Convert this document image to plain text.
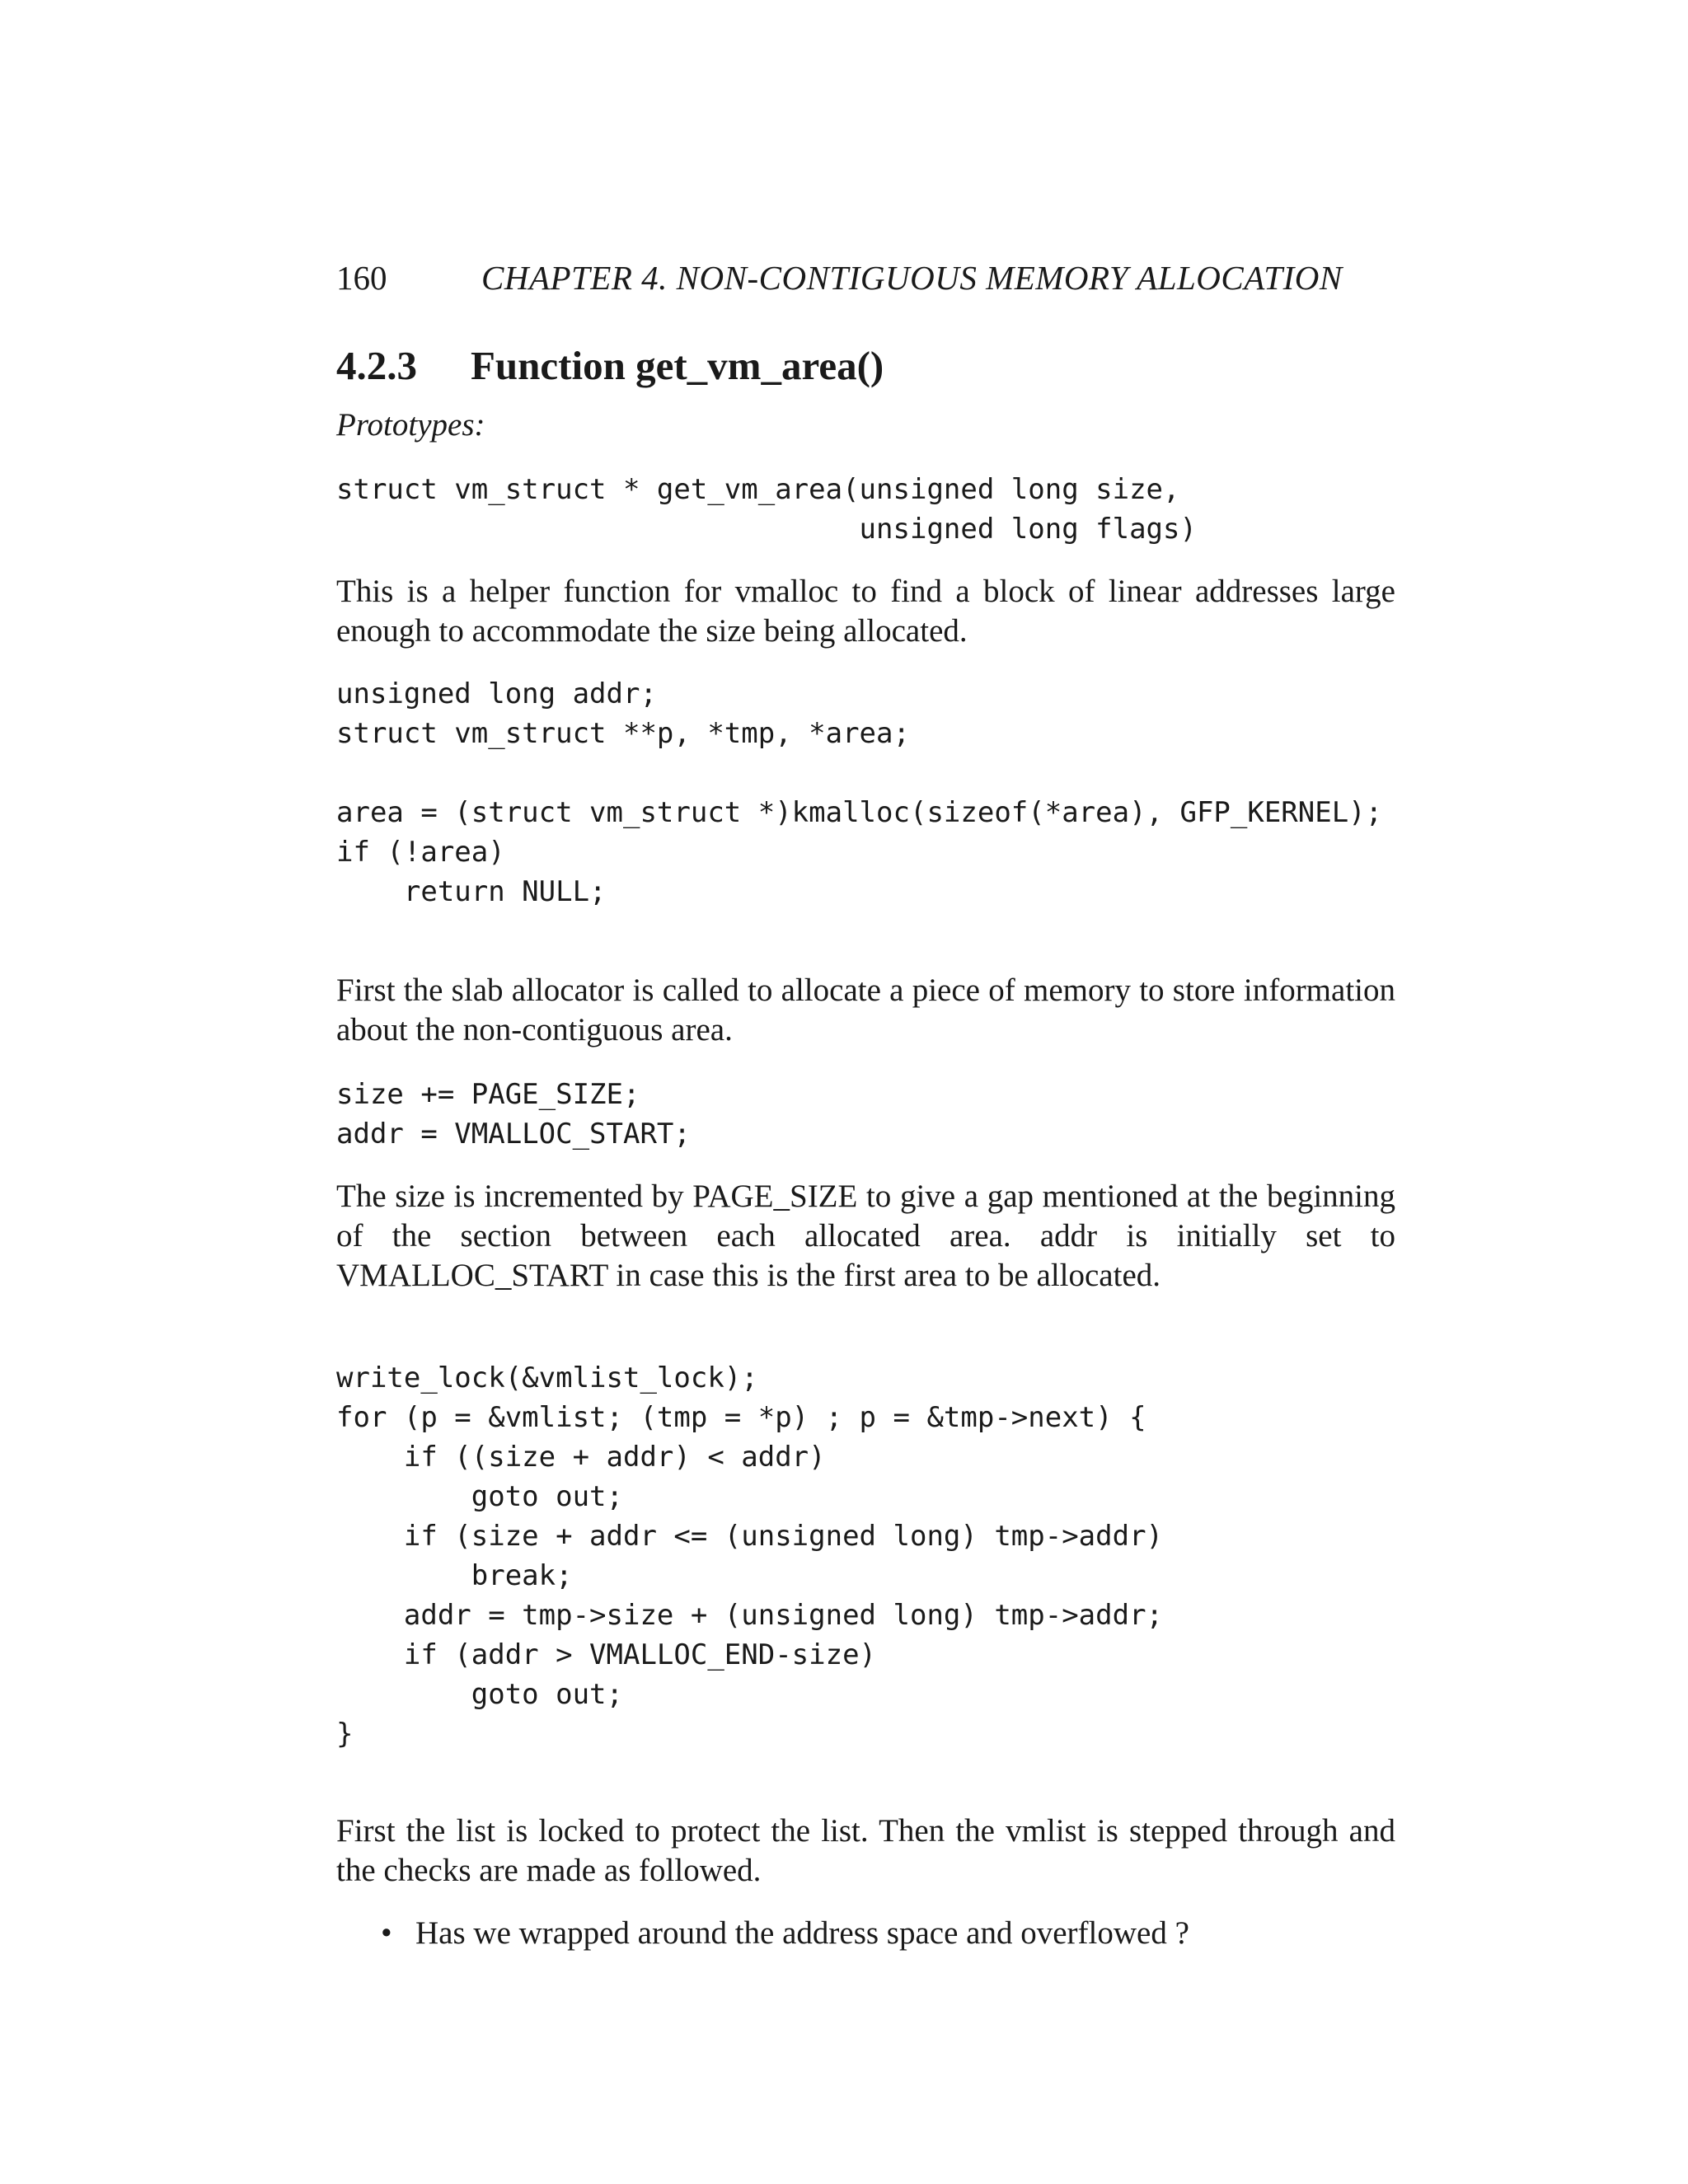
160	CHAPTER 4. NON-CONTIGUOUS MEMORY ALLOCATION
4.2.3 Function get_vm_area()
Prototypes:
struct vm_struct * get_vm_area(unsigned long size,
unsigned long flags)
This is a helper function for vmalloc to find a block of linear addresses large enough to accommodate the size being allocated.
unsigned long addr;
struct vm_struct **p, *tmp, *area;

area = (struct vm_struct *)kmalloc(sizeof(*area), GFP_KERNEL);
if (!area)
return NULL;
First the slab allocator is called to allocate a piece of memory to store information about the non-contiguous area.
size += PAGE_SIZE;
addr = VMALLOC_START;
The size is incremented by PAGE_SIZE to give a gap mentioned at the beginning of the section between each allocated area. addr is initially set to VMALLOC_START in case this is the first area to be allocated.
write_lock(&vmlist_lock);
for (p = &vmlist; (tmp = *p) ; p = &tmp->next) {
if ((size + addr) < addr)
goto out;
if (size + addr <= (unsigned long) tmp->addr)
break;
addr = tmp->size + (unsigned long) tmp->addr;
if (addr > VMALLOC_END-size)
goto out;
}
First the list is locked to protect the list. Then the vmlist is stepped through and the checks are made as followed.
• Has we wrapped around the address space and overflowed ?
